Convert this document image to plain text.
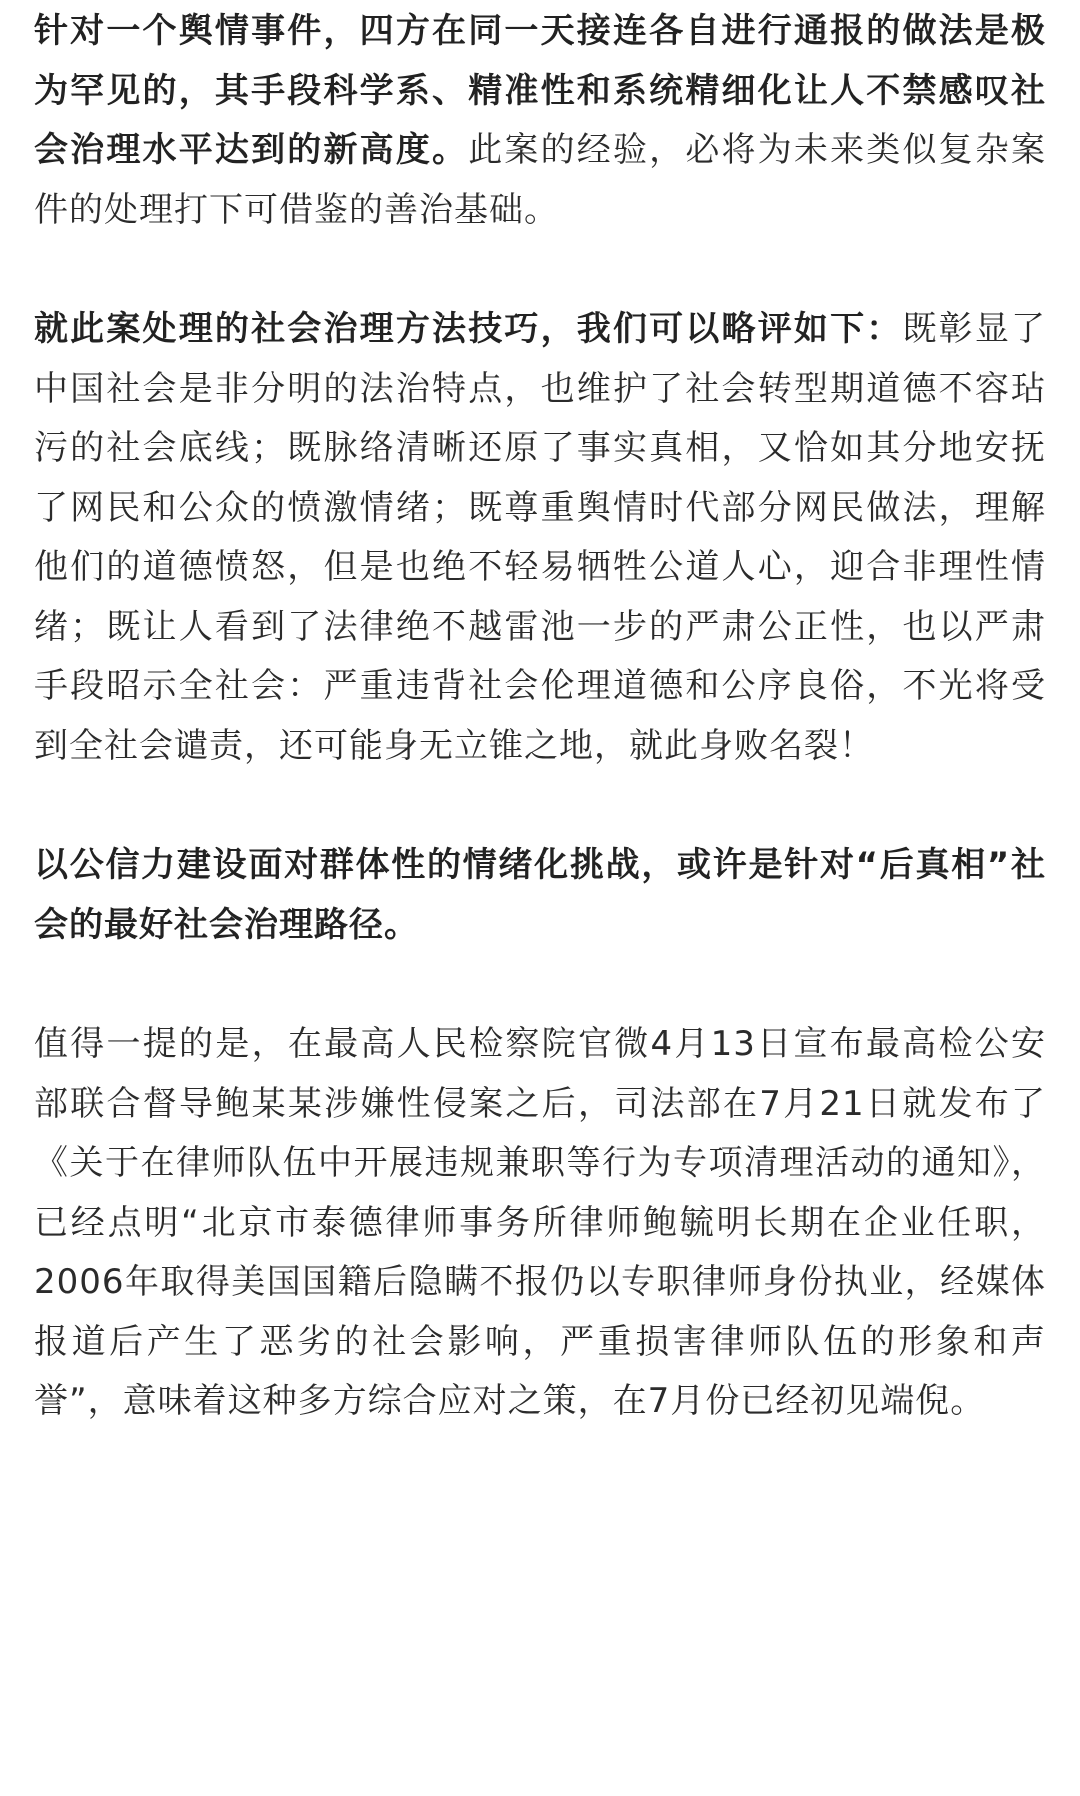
针对一个舆情事件，四方在同一天接连各自进行通报的做法是极为罕见的，其手段科学系、精准性和系统精细化让人不禁感叹社会治理水平达到的新高度。此案的经验，必将为未来类似复杂案件的处理打下可借鉴的善治基础。

就此案处理的社会治理方法技巧，我们可以略评如下：既彰显了中国社会是非分明的法治特点，也维护了社会转型期道德不容玷污的社会底线；既脉络清晰还原了事实真相，又恰如其分地安抚了网民和公众的愤激情绪；既尊重舆情时代部分网民做法，理解他们的道德愤怒，但是也绝不轻易牺牲公道人心，迎合非理性情绪；既让人看到了法律绝不越雷池一步的严肃公正性，也以严肃手段昭示全社会：严重违背社会伦理道德和公序良俗，不光将受到全社会谴责，还可能身无立锥之地，就此身败名裂！

以公信力建设面对群体性的情绪化挑战，或许是针对“后真相”社会的最好社会治理路径。

值得一提的是，在最高人民检察院官微4月13日宣布最高检公安部联合督导鲍某某涉嫌性侵案之后，司法部在7月21日就发布了《关于在律师队伍中开展违规兼职等行为专项清理活动的通知》，已经点明“北京市泰德律师事务所律师鲍毓明长期在企业任职，2006年取得美国国籍后隐瞒不报仍以专职律师身份执业，经媒体报道后产生了恶劣的社会影响，严重损害律师队伍的形象和声誉”，意味着这种多方综合应对之策，在7月份已经初见端倪。
